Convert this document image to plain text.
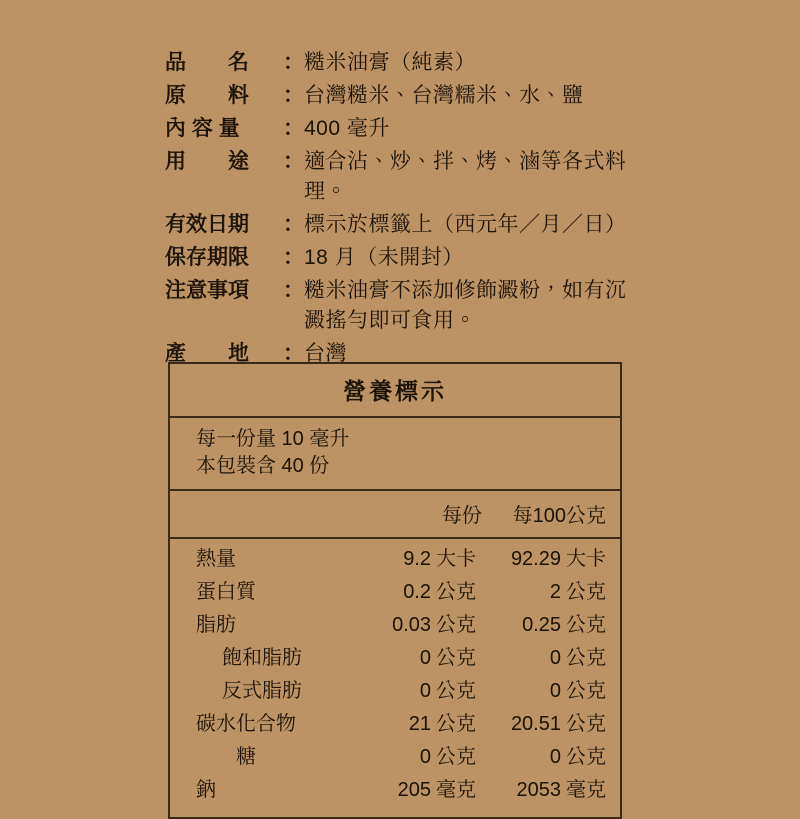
品　　名	： 糙米油膏（純素）
原　　料	： 台灣糙米、台灣糯米、水、鹽
內 容 量	： 400 毫升
用　　途	： 適合沾、炒、拌、烤、滷等各式料理。
有效日期	： 標示於標籤上（西元年／月／日）
保存期限	： 18 月（未開封）
注意事項	： 糙米油膏不添加修飾澱粉，如有沉澱搖勻即可食用。
產　　地	： 台灣
營養標示
每一份量 10 毫升
本包裝含 40 份
每份	每100公克
熱量	9.2 大卡 92.29 大卡
蛋白質	0.2 公克	2 公克
脂肪	0.03 公克 0.25 公克
飽和脂肪	0 公克	0 公克
反式脂肪	0 公克	0 公克
碳水化合物	21 公克 20.51 公克
糖	0 公克	0 公克
鈉	205 毫克 2053 毫克
